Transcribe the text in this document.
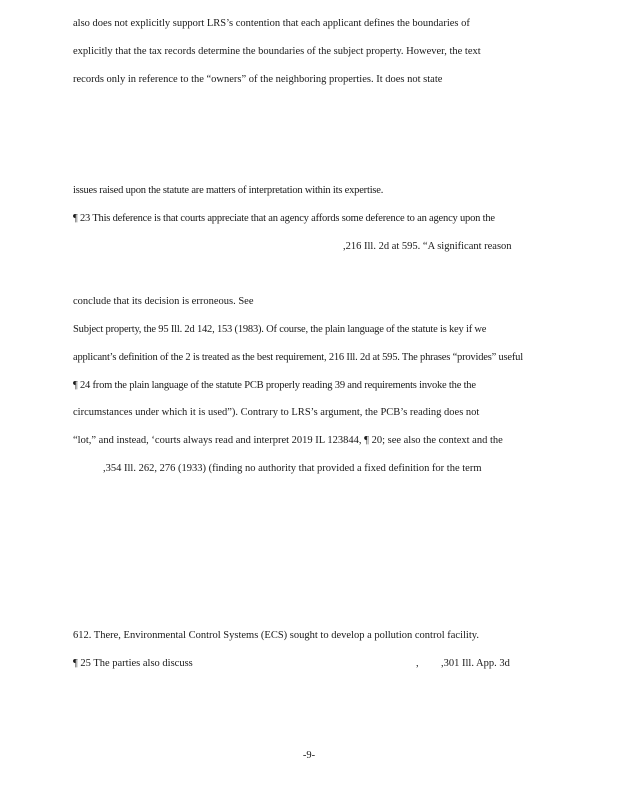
also does not explicitly support LRS’s contention that each applicant defines the boundaries of
explicitly that the tax records determine the boundaries of the subject property. However, the text
records only in reference to the “owners” of the neighboring properties. It does not state
issues raised upon the statute are matters of interpretation within its expertise.
¶ 23 This deference is that courts appreciate that an agency affords some deference to an agency upon the
,216 Ill. 2d at 595. “A significant reason
conclude that its decision is erroneous. See
Subject property, the 95 Ill. 2d 142, 153 (1983). Of course, the plain language of the statute is key if we
applicant’s definition of the 2 is treated as the best requirement, 216 Ill. 2d at 595. The phrases “provides” useful
¶ 24 from the plain language of the statute PCB properly reading 39 and requirements invoke the the
circumstances under which it is used”). Contrary to LRS’s argument, the PCB’s reading does not
“lot,” and instead, ‘courts always read and interpret 2019 IL 123844, ¶ 20; see also the context and the
,354 Ill. 262, 276 (1933) (finding no authority that provided a fixed definition for the term
612. There, Environmental Control Systems (ECS) sought to develop a pollution control facility.
¶ 25 The parties also discuss	, ,301 Ill. App. 3d
-9-
